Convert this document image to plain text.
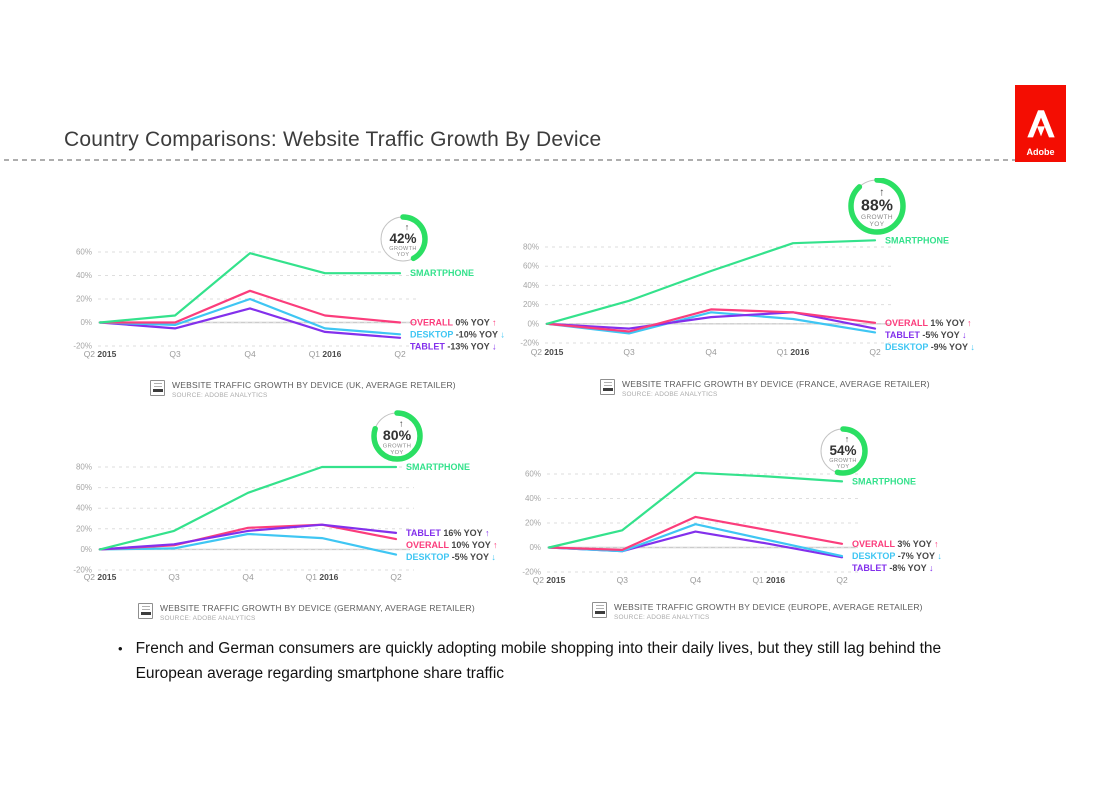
Country Comparisons: Website Traffic Growth By Device
Adobe
60%
40%
20%
0%
-20%
Q2 2015	Q3	Q4	Q1 2016	Q2
SMARTPHONE
OVERALL 0% YOY ↑
DESKTOP -10% YOY ↓
TABLET -13% YOY ↓
↑
42%
GROWTH
YOY
WEBSITE TRAFFIC GROWTH BY DEVICE (UK, AVERAGE RETAILER)
SOURCE: ADOBE ANALYTICS
80%
60%
40%
20%
0%
-20%
Q2 2015	Q3	Q4	Q1 2016	Q2
SMARTPHONE
OVERALL 1% YOY ↑
TABLET -5% YOY ↓
DESKTOP -9% YOY ↓
↑
88%
GROWTH
YOY
WEBSITE TRAFFIC GROWTH BY DEVICE (FRANCE, AVERAGE RETAILER)
SOURCE: ADOBE ANALYTICS
80%
60%
40%
20%
0%
-20%
Q2 2015	Q3	Q4	Q1 2016	Q2
SMARTPHONE
TABLET 16% YOY ↑
OVERALL 10% YOY ↑
DESKTOP -5% YOY ↓
↑
80%
GROWTH
YOY
WEBSITE TRAFFIC GROWTH BY DEVICE (GERMANY, AVERAGE RETAILER)
SOURCE: ADOBE ANALYTICS
60%
40%
20%
0%
-20%
Q2 2015	Q3	Q4	Q1 2016	Q2
SMARTPHONE
OVERALL 3% YOY ↑
DESKTOP -7% YOY ↓
TABLET -8% YOY ↓
↑
54%
GROWTH
YOY
WEBSITE TRAFFIC GROWTH BY DEVICE (EUROPE, AVERAGE RETAILER)
SOURCE: ADOBE ANALYTICS
• French and German consumers are quickly adopting mobile shopping into their daily lives, but they still lag behind the European average regarding smartphone share traffic
